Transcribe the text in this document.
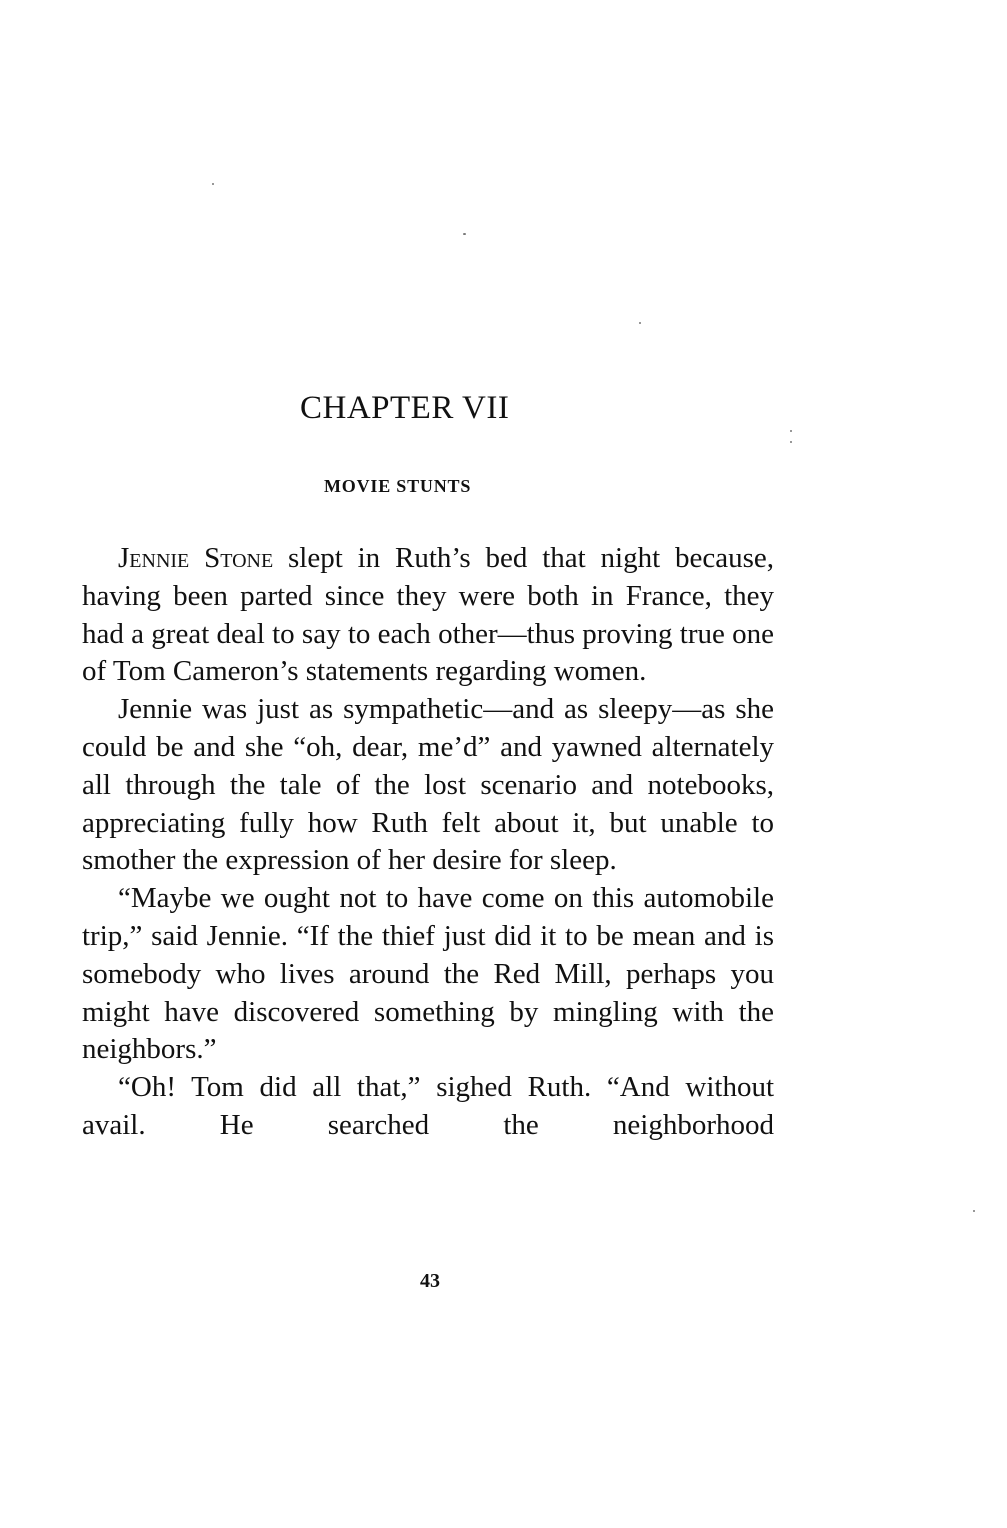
CHAPTER VII
MOVIE STUNTS

Jennie Stone slept in Ruth’s bed that night because, having been parted since they were both in France, they had a great deal to say to each other—thus proving true one of Tom Cameron’s statements regarding women.

Jennie was just as sympathetic—and as sleepy—as she could be and she “oh, dear, me’d” and yawned alternately all through the tale of the lost scenario and notebooks, appreciating fully how Ruth felt about it, but unable to smother the expression of her desire for sleep.

“Maybe we ought not to have come on this automobile trip,” said Jennie. “If the thief just did it to be mean and is somebody who lives around the Red Mill, perhaps you might have discovered something by mingling with the neighbors.”

“Oh! Tom did all that,” sighed Ruth. “And without avail. He searched the neighborhood

43
